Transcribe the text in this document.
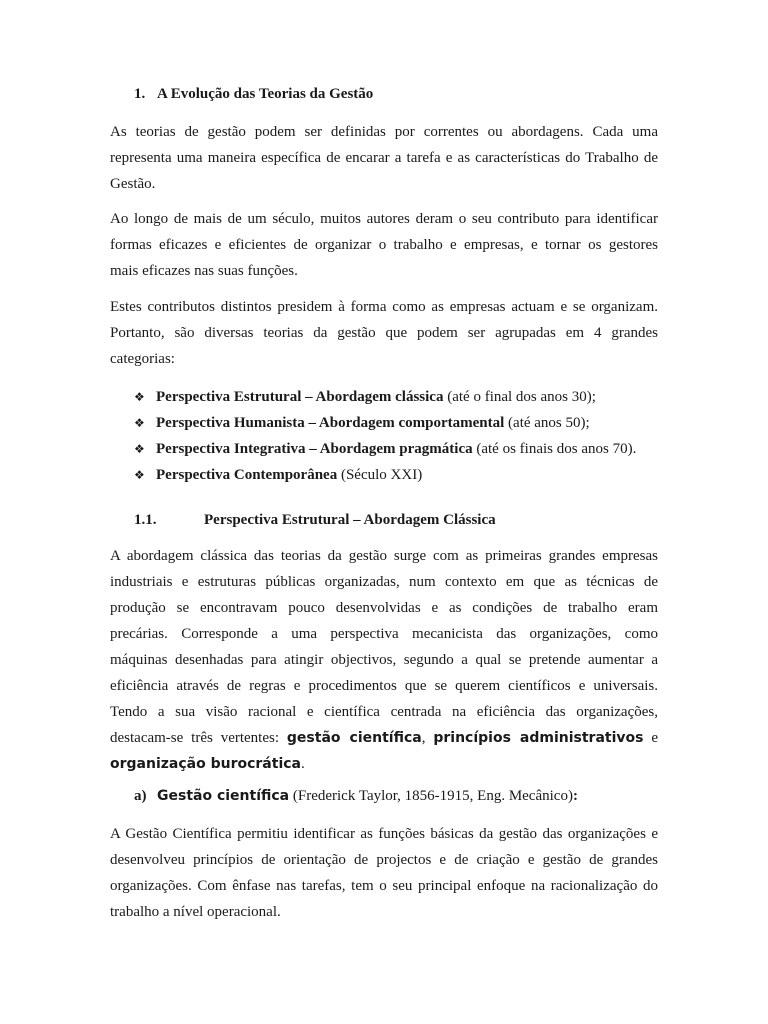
1. A Evolução das Teorias da Gestão
As teorias de gestão podem ser definidas por correntes ou abordagens. Cada uma
representa uma maneira específica de encarar a tarefa e as características do Trabalho de
Gestão.
Ao longo de mais de um século, muitos autores deram o seu contributo para identificar
formas eficazes e eficientes de organizar o trabalho e empresas, e tornar os gestores
mais eficazes nas suas funções.
Estes contributos distintos presidem à forma como as empresas actuam e se organizam.
Portanto, são diversas teorias da gestão que podem ser agrupadas em 4 grandes
categorias:
❖ Perspectiva Estrutural – Abordagem clássica (até o final dos anos 30);
❖ Perspectiva Humanista – Abordagem comportamental (até anos 50);
❖ Perspectiva Integrativa – Abordagem pragmática (até os finais dos anos 70).
❖ Perspectiva Contemporânea (Século XXI)
1.1.	Perspectiva Estrutural – Abordagem Clássica
A abordagem clássica das teorias da gestão surge com as primeiras grandes empresas
industriais e estruturas públicas organizadas, num contexto em que as técnicas de
produção se encontravam pouco desenvolvidas e as condições de trabalho eram
precárias. Corresponde a uma perspectiva mecanicista das organizações, como
máquinas desenhadas para atingir objectivos, segundo a qual se pretende aumentar a
eficiência através de regras e procedimentos que se querem científicos e universais.
Tendo a sua visão racional e científica centrada na eficiência das organizações,
destacam-se três vertentes: gestão científica, princípios administrativos e
organização burocrática.
a) Gestão científica (Frederick Taylor, 1856-1915, Eng. Mecânico):
A Gestão Científica permitiu identificar as funções básicas da gestão das organizações e
desenvolveu princípios de orientação de projectos e de criação e gestão de grandes
organizações. Com ênfase nas tarefas, tem o seu principal enfoque na racionalização do
trabalho a nível operacional.
